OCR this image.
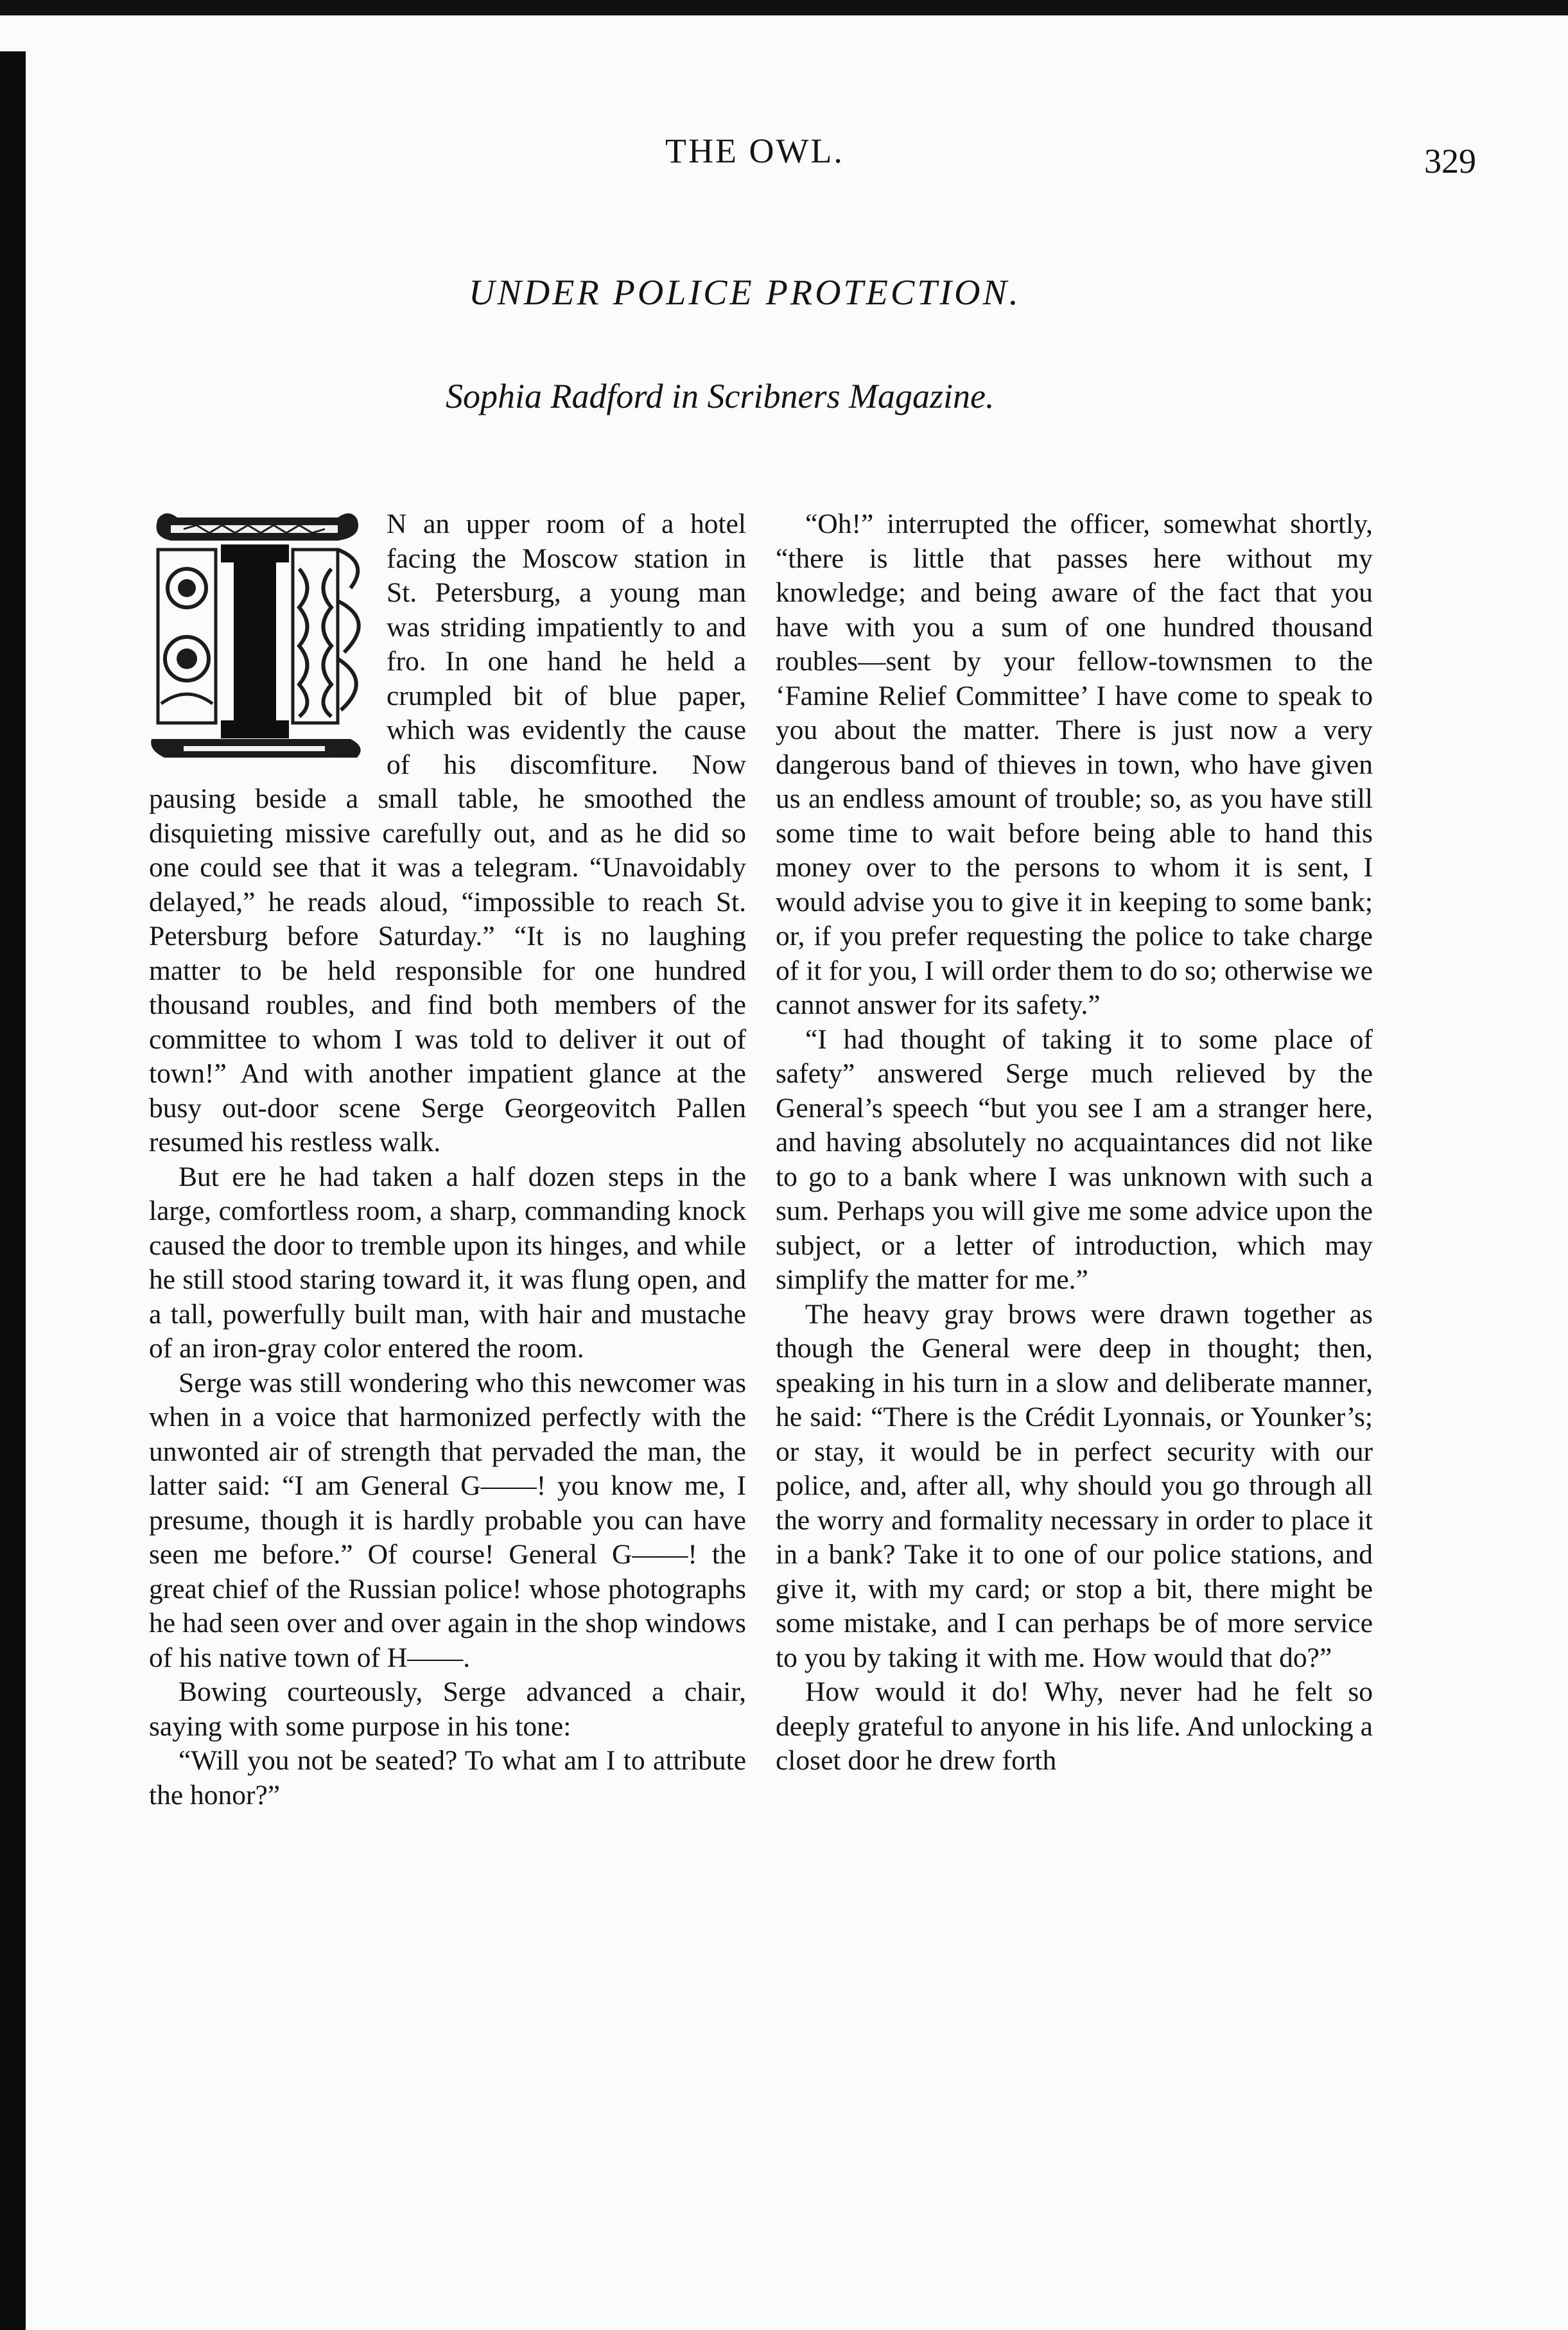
THE OWL.	329
UNDER POLICE PROTECTION.
Sophia Radford in Scribners Magazine.

N an upper room of a hotel facing the Moscow station in St. Petersburg, a young man was striding impatiently to and fro. In one hand he held a crumpled bit of blue paper, which was evidently the cause of his discomfiture. Now pausing beside a small table, he smoothed the disquieting missive carefully out, and as he did so one could see that it was a telegram. “Unavoidably delayed,” he reads aloud, “impossible to reach St. Petersburg before Saturday.” “It is no laughing matter to be held responsible for one hundred thousand roubles, and find both members of the committee to whom I was told to deliver it out of town!” And with another impatient glance at the busy out-door scene Serge Georgeovitch Pallen resumed his restless walk.

But ere he had taken a half dozen steps in the large, comfortless room, a sharp, commanding knock caused the door to tremble upon its hinges, and while he still stood staring toward it, it was flung open, and a tall, powerfully built man, with hair and mustache of an iron-gray color entered the room.

Serge was still wondering who this newcomer was when in a voice that harmonized perfectly with the unwonted air of strength that pervaded the man, the latter said: “I am General G——! you know me, I presume, though it is hardly probable you can have seen me before.” Of course! General G——! the great chief of the Russian police! whose photographs he had seen over and over again in the shop windows of his native town of H——.

Bowing courteously, Serge advanced a chair, saying with some purpose in his tone:

“Will you not be seated? To what am I to attribute the honor?”

“Oh!” interrupted the officer, somewhat shortly, “there is little that passes here without my knowledge; and being aware of the fact that you have with you a sum of one hundred thousand roubles—sent by your fellow-townsmen to the ‘Famine Relief Committee’ I have come to speak to you about the matter. There is just now a very dangerous band of thieves in town, who have given us an endless amount of trouble; so, as you have still some time to wait before being able to hand this money over to the persons to whom it is sent, I would advise you to give it in keeping to some bank; or, if you prefer requesting the police to take charge of it for you, I will order them to do so; otherwise we cannot answer for its safety.”

“I had thought of taking it to some place of safety” answered Serge much relieved by the General’s speech “but you see I am a stranger here, and having absolutely no acquaintances did not like to go to a bank where I was unknown with such a sum. Perhaps you will give me some advice upon the subject, or a letter of introduction, which may simplify the matter for me.”

The heavy gray brows were drawn together as though the General were deep in thought; then, speaking in his turn in a slow and deliberate manner, he said: “There is the Crédit Lyonnais, or Younker’s; or stay, it would be in perfect security with our police, and, after all, why should you go through all the worry and formality necessary in order to place it in a bank? Take it to one of our police stations, and give it, with my card; or stop a bit, there might be some mistake, and I can perhaps be of more service to you by taking it with me. How would that do?”

How would it do! Why, never had he felt so deeply grateful to anyone in his life. And unlocking a closet door he drew forth
